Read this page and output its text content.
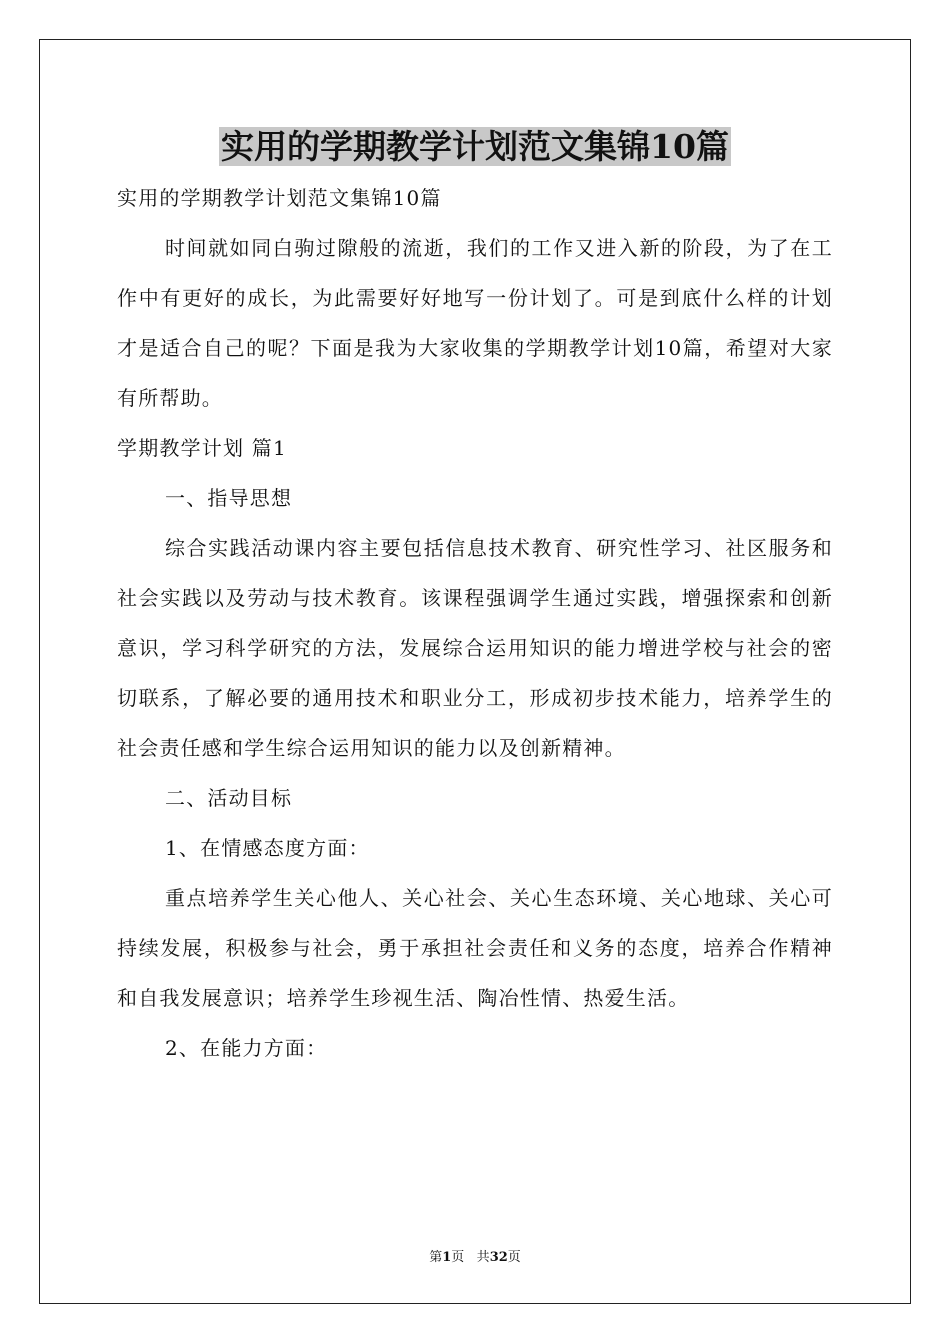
实用的学期教学计划范文集锦10篇

实用的学期教学计划范文集锦10篇

时间就如同白驹过隙般的流逝，我们的工作又进入新的阶段，为了在工作中有更好的成长，为此需要好好地写一份计划了。可是到底什么样的计划才是适合自己的呢？下面是我为大家收集的学期教学计划10篇，希望对大家有所帮助。

学期教学计划 篇1

一、指导思想

综合实践活动课内容主要包括信息技术教育、研究性学习、社区服务和社会实践以及劳动与技术教育。该课程强调学生通过实践，增强探索和创新意识，学习科学研究的方法，发展综合运用知识的能力增进学校与社会的密切联系，了解必要的通用技术和职业分工，形成初步技术能力，培养学生的社会责任感和学生综合运用知识的能力以及创新精神。

二、活动目标

1、在情感态度方面：

重点培养学生关心他人、关心社会、关心生态环境、关心地球、关心可持续发展，积极参与社会，勇于承担社会责任和义务的态度，培养合作精神和自我发展意识；培养学生珍视生活、陶冶性情、热爱生活。

2、在能力方面：

第1页 共32页
